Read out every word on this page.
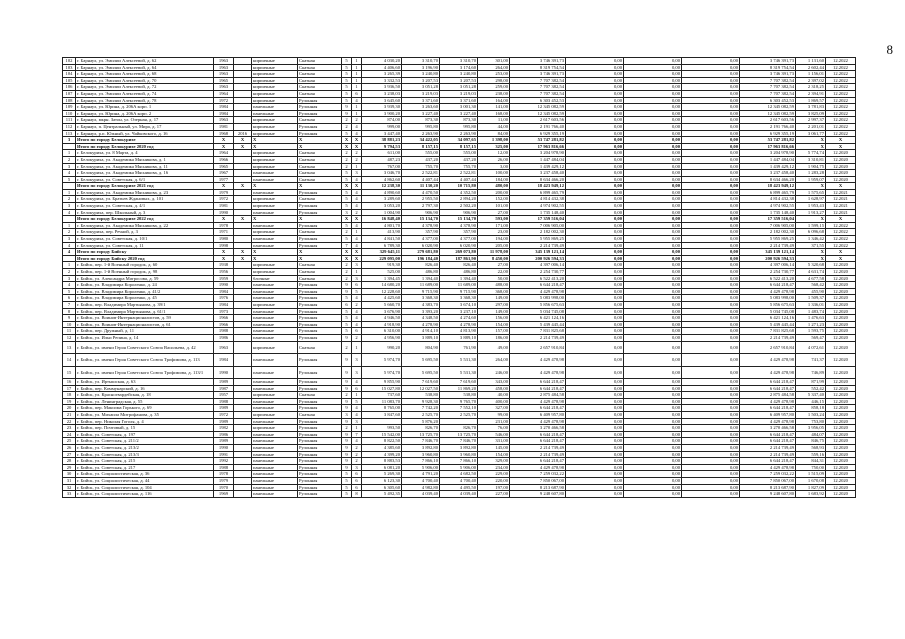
8
102	г. Барнаул, ул. Эмилии Алексеевой, д. 62	1963		кирпичные	Скатная	5	1	4 030,20	3 310,70	3 310,70	301,00	3 746 391,73	0,00	0,00	0,00	3 746 391,73	1 131,60	12.2022
103	г. Барнаул, ул. Эмилии Алексеевой, д. 64	1963		кирпичные	Скатная	5	1	4 406,60	3 196,90	3 174,60	264,00	8 319 754,54	0,00	0,00	0,00	8 319 754,54	2 602,44	12.2022
104	г. Барнаул, ул. Эмилии Алексеевой, д. 68	1963		кирпичные	Скатная	5	1	3 265,39	3 240,80	3 240,80	253,00	3 746 391,73	0,00	0,00	0,00	3 746 391,73	1 156,01	12.2022
105	г. Барнаул, ул. Эмилии Алексеевой, д. 70	1965		кирпичные	Скатная	5	1	3 332,53	3 207,53	3 207,53	298,00	7 707 382,54	0,00	0,00	0,00	7 707 382,54	2 397,02	12.2022
106	г. Барнаул, ул. Эмилии Алексеевой, д. 72	1963		кирпичные	Скатная	5	1	3 936,50	3 051,28	3 051,28	259,00	7 707 382,54	0,00	0,00	0,00	7 707 382,54	2 318,25	12.2022
107	г. Барнаул, ул. Эмилии Алексеевой, д. 74	1964		кирпичные	Скатная	5	6	3 238,03	3 219,03	3 219,03	238,00	7 707 382,54	0,00	0,00	0,00	7 707 382,54	2 394,91	12.2022
108	г. Барнаул, ул. Эмилии Алексеевой, д. 78	1972		кирпичные	Рулонная	5	4	3 645,60	3 371,60	3 371,60	164,00	6 303 452,53	0,00	0,00	0,00	6 303 452,53	1 869,57	12.2022
109	г. Барнаул, ул. Юрина, д. 206А корп. 1	1984		панельные	Рулонная	9	1	3 939,30	3 263,60	3 001,30	141,00	12 345 082,59	0,00	0,00	0,00	12 345 082,59	3 781,83	12.2022
110	г. Барнаул, ул. Юрина, д. 206А корп. 2	1984		панельные	Рулонная	9	1	3 900,20	3 227,40	3 227,40	168,00	12 345 082,59	0,00	0,00	0,00	12 345 082,59	3 825,09	12.2022
111	г. Барнаул, мкрн. Затон, ул. Озерная, д. 17	1963		кирпичные	Скатная	2	2	874,00	873,30	873,30	11,00	2 617 603,56	0,00	0,00	0,00	2 617 603,56	2 997,37	12.2022
112	г. Барнаул, п. Центральный, ул. Мира, д. 17	1981		кирпичные	Рулонная	2	4	999,00	995,80	995,80	44,00	2 191 766,40	0,00	0,00	0,00	2 191 766,40	2 201,01	12.2022
113	г. Барнаул, р.п. Южный, ул. Чайковского, д. 16	1968	2016	кирпичные	Рулонная	5	4	3 447,40	2 263,90	2 263,90	84,00	6 929 355,19	0,00	0,00	0,00	6 929 355,19	3 061,77	12.2022
3	Итого по городу Белокурихе	X	X	X	X	X	X	38 881,23	34 422,05	34 097,65	1 398,00	53 747 281,82	0,00	0,00	0,00	53 747 281,82	X	X
	Итого по городу Белокурихе 2020 год	X	X	X	X	X	X	9 794,53	8 157,15	8 157,15	325,00	17 963 816,66	0,00	0,00	0,00	17 963 816,66	X	X
1	г. Белокуриха, ул. 8 Марта, д. 4	1964		кирпичные	Скатная	2	2	611,00	555,00	555,00	12,00	3 204 978,90	0,00	0,00	0,00	3 204 978,90	5 774,74	12.2020
2	г. Белокуриха, ул. Академика Мясникова, д. 1	1966		кирпичные	Скатная	2	2	487,23	437,20	437,20	26,00	1 447 484,04	0,00	0,00	0,00	1 447 484,04	3 310,81	12.2020
3	г. Белокуриха, ул. Академика Мясникова, д. 11	1965		кирпичные	Скатная	2	1	767,00	755,70	755,70	3,00	1 439 429,12	0,00	0,00	0,00	1 439 429,12	1 904,75	12.2020
4	г. Белокуриха, ул. Академика Мясникова, д. 16	1967		панельные	Скатная	5	3	3 046,70	2 522,81	2 522,81	100,00	3 237 458,40	0,00	0,00	0,00	3 237 458,40	1 283,28	12.2020
5	г. Белокуриха, ул. Советская, д. 6/1	1977		панельные	Скатная	5	4	4 862,60	4 407,44	4 407,44	184,00	8 634 466,20	0,00	0,00	0,00	8 634 466,20	1 959,07	12.2020
	Итого по городу Белокурихе 2021 год	X	X	X	X	X	X	12 238,30	11 130,20	10 715,80	480,00	18 423 949,12	0,00	0,00	0,00	18 423 949,12	X	X
1	г. Белокуриха, ул. Академика Мясникова, д. 23	1979		панельные	Рулонная	5	4	4 890,60	4 470,50	4 352,50	200,00	6 899 465,79	0,00	0,00	0,00	6 899 465,79	1 575,65	12.2021
2	г. Белокуриха, ул. Братьев Ждановых, д. 101	1972		кирпичные	Скатная	5	4	3 289,60	2 955,50	2 894,20	152,00	4 814 432,38	0,00	0,00	0,00	4 814 432,38	1 628,97	12.2021
3	г. Белокуриха, ул. Советская, д. 4/1	1981		кирпичные	Рулонная	5	4	3 053,20	2 797,30	2 502,20	101,00	4 974 902,55	0,00	0,00	0,00	4 974 902,55	1 953,43	12.2021
4	г. Белокуриха, пер. Школьный, д. 3	1990		панельные	Рулонная	3	2	1 004,90	906,90	906,90	27,00	1 735 148,40	0,00	0,00	0,00	1 735 148,40	1 913,27	12.2021
	Итого по городу Белокурихе 2022 год	X	X	X	X	X	X	16 848,40	15 134,70	15 134,70	593,00	17 359 516,04	0,00	0,00	0,00	17 359 516,04	X	X
1	г. Белокуриха, ул. Академика Мясникова, д. 22	1978		панельные	Рулонная	5	4	4 801,70	4 378,90	4 378,90	171,00	7 006 905,00	0,00	0,00	0,00	7 006 905,00	1 599,15	12.2022
2	г. Белокуриха, пер. Речной, д. 3	1971		кирпичные	Скатная	2	1	413,90	357,90	357,90	23,00	2 182 002,30	0,00	0,00	0,00	2 182 002,30	6 096,68	12.2022
3	г. Белокуриха, ул. Советская, д. 10/1	1980		панельные	Рулонная	5	4	4 841,50	4 377,00	4 377,00	194,00	5 955 869,25	0,00	0,00	0,00	5 955 869,25	1 346,42	12.2022
4	г. Белокуриха, ул. Советская, д. 11	1998		панельные	Рулонная	7	4	6 789,30	6 020,90	6 020,90	205,00	2 214 739,49	0,00	0,00	0,00	2 214 739,49	371,55	12.2022
4	Итого по городу Бийску	X	X	X	X	X	X	329 645,11	279 681,80	269 073,80	11 978,00	345 139 121,14	0,00	0,00	0,00	345 139 121,14	X	X
	Итого по городу Бийску 2020 год	X	X	X	X	X	X	229 095,00	196 184,40	187 861,90	8 450,00	200 926 594,33	0,00	0,00	0,00	200 926 594,33	X	X
1	г. Бийск, пер. 1-й Военный городок, д. 60	1938		кирпичные	Скатная	2	3	919,30	826,40	826,40	27,00	4 397 006,14	0,00	0,00	0,00	4 397 006,14	5 320,68	12.2020
2	г. Бийск, пер. 1-й Военный городок, д. 98	1956		кирпичные	Скатная	2	1	525,00	486,80	486,80	22,00	2 254 730,77	0,00	0,00	0,00	2 254 730,77	4 631,74	12.2020
3	г. Бийск, ул. Александра Матросова, д. 59	1959		блочные	Скатная	2	3	1 394,45	1 394,40	1 394,40	50,00	6 522 413,20	0,00	0,00	0,00	6 522 413,20	4 677,58	12.2020
4	г. Бийск, ул. Владимира Короленко, д. 24	1990		панельные	Рулонная	9	6	14 680,20	11 689,00	11 689,00	488,00	6 644 218,47	0,00	0,00	0,00	6 644 218,47	568,42	12.2020
5	г. Бийск, ул. Владимира Короленко, д. 41/2	1984		панельные	Рулонная	9	5	12 228,60	9 715,90	9 715,90	368,00	4 429 478,98	0,00	0,00	0,00	4 429 478,98	455,90	12.2020
6	г. Бийск, ул. Владимира Короленко, д. 45	1976		панельные	Рулонная	5	4	4 425,60	3 368,30	3 368,30	149,00	5 083 998,00	0,00	0,00	0,00	5 083 998,00	1 509,37	12.2020
7	г. Бийск, пер. Владимира Мартьянова, д. 39/1	1984		кирпичные	Рулонная	6	2	5 660,70	4 383,70	3 674,10	297,00	5 856 675,63	0,00	0,00	0,00	5 856 675,63	1 336,01	12.2020
8	г. Бийск, пер. Владимира Мартьянова, д. 61/1	1973		панельные	Рулонная	5	4	3 676,90	3 393,20	3 237,10	149,00	5 034 745,08	0,00	0,00	0,00	5 034 745,08	1 483,74	12.2020
9	г. Бийск, ул. Воинов-Интернационалистов, д. 59	1966		панельные	Рулонная	5	4	4 946,50	4 348,50	4 274,60	156,00	6 421 124,16	0,00	0,00	0,00	6 421 124,16	1 476,63	12.2020
10	г. Бийск, ул. Воинов-Интернационалистов, д. 61	1966		панельные	Рулонная	5	4	4 918,90	4 278,90	4 278,90	154,00	5 439 445,44	0,00	0,00	0,00	5 439 445,44	1 271,23	12.2020
11	г. Бийск, пер. Дружный, д. 11	1988		панельные	Рулонная	5	6	6 310,00	4 914,10	4 813,90	157,00	7 831 825,68	0,00	0,00	0,00	7 831 825,68	1 593,75	12.2020
12	г. Бийск, ул. Ильи Репина, д. 14	1986		панельные	Рулонная	9	2	4 956,90	3 889,10	3 889,10	186,00	2 214 739,49	0,00	0,00	0,00	2 214 739,49	569,47	12.2020
13	г. Бийск, ул. имени Героя Советского Союза Васильева, д. 42	1963		кирпичные	Скатная	2	1	990,20	804,90	761,90	49,00	2 657 910,84	0,00	0,00	0,00	2 657 910,84	4 072,61	12.2020
14	г. Бийск, ул. имени Героя Советского Союза Трофимова, д. 113	1984		панельные	Рулонная	9	3	5 974,70	5 695,50	5 531,30	264,00	4 429 478,98	0,00	0,00	0,00	4 429 478,98	741,37	12.2020
15	г. Бийск, ул. имени Героя Советского Союза Трофимова, д. 113/1	1990		панельные	Рулонная	9	3	5 974,70	5 695,50	5 531,30	246,00	4 429 478,98	0,00	0,00	0,00	4 429 478,98	746,89	12.2020
16	г. Бийск, ул. Иртышская, д. 63	1989		панельные	Рулонная	9	4	9 855,90	7 619,60	7 619,60	343,00	6 644 218,47	0,00	0,00	0,00	6 644 218,47	871,99	12.2020
17	г. Бийск, пер. Коммунарский, д. 16	1987		панельные	Рулонная	9	6	15 027,80	12 027,50	11 869,20	458,00	6 644 218,47	0,00	0,00	0,00	6 644 218,47	552,42	12.2020
18	г. Бийск, ул. Красногвардейская, д. 18	1957		кирпичные	Скатная	2	1	737,60	538,80	538,80	40,00	2 875 484,58	0,00	0,00	0,00	2 875 484,58	5 337,40	12.2020
19	г. Бийск, ул. Ленинградская, д. 55	1988		панельные	Рулонная	9	5	11 083,70	9 928,30	9 765,70	400,00	4 429 478,98	0,00	0,00	0,00	4 429 478,98	446,15	12.2020
20	г. Бийск, пер. Максима Горького, д. 69	1989		панельные	Рулонная	9	4	8 765,00	7 742,20	7 552,10	327,00	6 644 218,47	0,00	0,00	0,00	6 644 218,47	858,18	12.2020
21	г. Бийск, ул. Михаила Митрофанова, д. 35	1972		кирпичные	Скатная	3	4	3 847,60	2 525,70	2 525,70	99,00	6 409 957,80	0,00	0,00	0,00	6 409 957,80	1 503,24	12.2020
22	г. Бийск, пер. Николая Гоголя, д. 4	1989		панельные	Рулонная	9	3		5 876,20		231,00	4 429 478,98	0,00	0,00	0,00	4 429 478,98	753,80	12.2020
23	г. Бийск, пер. Почтовый, д. 15	1982		кирпичные	Рулонная	2	1	993,50	826,70	826,70	76,00	3 270 466,58	0,00	0,00	0,00	3 270 466,58	3 956,05	12.2020
24	г. Бийск, ул. Советская, д. 197	1986		панельные	Рулонная	9	7	15 542,00	13 725,70	13 725,70	546,00	6 644 218,47	0,00	0,00	0,00	6 644 218,47	484,07	12.2020
25	г. Бийск, ул. Советская, д. 211/2	1989		панельные	Рулонная	9	4	8 822,50	7 846,70	7 846,70	331,00	6 644 218,47	0,00	0,00	0,00	6 644 218,47	846,75	12.2020
26	г. Бийск, ул. Советская, д. 213/2	1990		панельные	Рулонная	9	2	4 385,60	3 892,80	3 892,80	145,00	2 214 739,49	0,00	0,00	0,00	2 214 739,49	568,93	12.2020
27	г. Бийск, ул. Советская, д. 213/3	1991		панельные	Рулонная	9	2	4 399,20	3 960,80	3 960,80	154,00	2 214 739,49	0,00	0,00	0,00	2 214 739,49	559,16	12.2020
28	г. Бийск, ул. Советская, д. 215	1992		панельные	Рулонная	9	2	8 883,53	7 866,10	7 866,10	329,00	6 644 218,47	0,00	0,00	0,00	6 644 218,47	844,31	12.2020
29	г. Бийск, ул. Советская, д. 217	1988		панельные	Рулонная	9	3	6 081,20	5 906,00	5 906,00	234,00	4 429 478,98	0,00	0,00	0,00	4 429 478,98	750,00	12.2020
30	г. Бийск, ул. Социалистическая, д. 36	1978		панельные	Рулонная	5	6	5 269,30	4 791,20	4 682,50	229,00	7 259 032,22	0,00	0,00	0,00	7 259 032,22	1 515,09	12.2020
31	г. Бийск, ул. Социалистическая, д. 44	1979		панельные	Рулонная	5	6	6 123,30	4 700,40	4 700,40	220,00	7 850 067,00	0,00	0,00	0,00	7 850 067,00	1 670,08	12.2020
32	г. Бийск, ул. Социалистическая, д. 104	1970		панельные	Рулонная	5	6	6 305,60	4 982,80	4 495,50	197,00	8 213 687,90	0,00	0,00	0,00	8 213 687,90	1 827,09	12.2020
33	г. Бийск, ул. Социалистическая, д. 116	1969		панельные	Рулонная	5	8	5 492,35	4 039,40	4 039,40	227,00	9 248 607,80	0,00	0,00	0,00	9 248 607,80	1 683,92	12.2020
